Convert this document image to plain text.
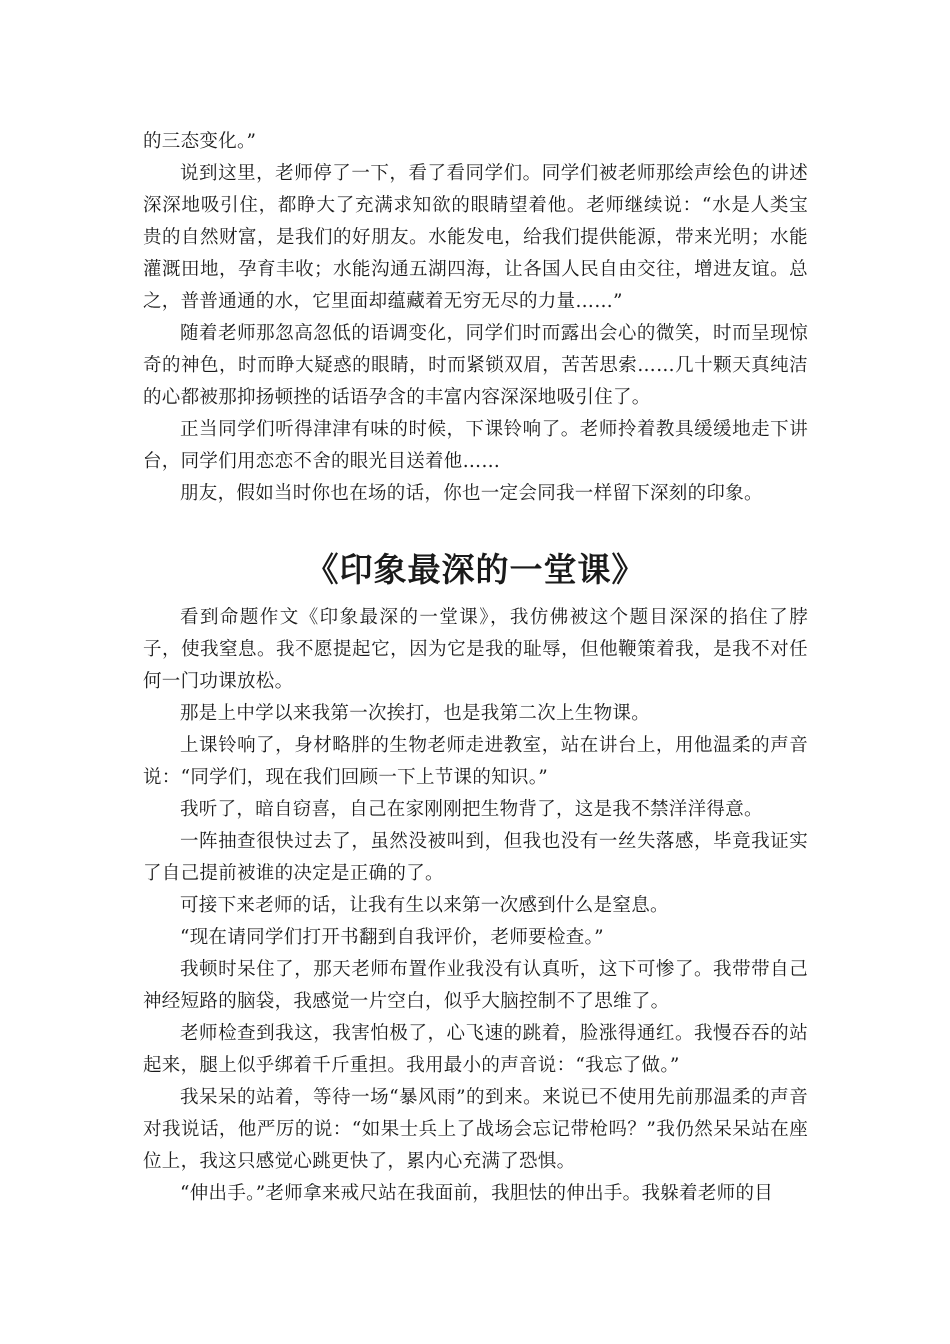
的三态变化。”

说到这里，老师停了一下，看了看同学们。同学们被老师那绘声绘色的讲述深深地吸引住，都睁大了充满求知欲的眼睛望着他。老师继续说：“水是人类宝贵的自然财富，是我们的好朋友。水能发电，给我们提供能源，带来光明；水能灌溉田地，孕育丰收；水能沟通五湖四海，让各国人民自由交往，增进友谊。总之，普普通通的水，它里面却蕴藏着无穷无尽的力量……”

随着老师那忽高忽低的语调变化，同学们时而露出会心的微笑，时而呈现惊奇的神色，时而睁大疑惑的眼睛，时而紧锁双眉，苦苦思索……几十颗天真纯洁的心都被那抑扬顿挫的话语孕含的丰富内容深深地吸引住了。

正当同学们听得津津有味的时候，下课铃响了。老师拎着教具缓缓地走下讲台，同学们用恋恋不舍的眼光目送着他……

朋友，假如当时你也在场的话，你也一定会同我一样留下深刻的印象。

《印象最深的一堂课》

看到命题作文《印象最深的一堂课》，我仿佛被这个题目深深的掐住了脖子，使我窒息。我不愿提起它，因为它是我的耻辱，但他鞭策着我，是我不对任何一门功课放松。

那是上中学以来我第一次挨打，也是我第二次上生物课。

上课铃响了，身材略胖的生物老师走进教室，站在讲台上，用他温柔的声音说：“同学们，现在我们回顾一下上节课的知识。”

我听了，暗自窃喜，自己在家刚刚把生物背了，这是我不禁洋洋得意。

一阵抽查很快过去了，虽然没被叫到，但我也没有一丝失落感，毕竟我证实了自己提前被谁的决定是正确的了。

可接下来老师的话，让我有生以来第一次感到什么是窒息。

“现在请同学们打开书翻到自我评价，老师要检查。”

我顿时呆住了，那天老师布置作业我没有认真听，这下可惨了。我带带自己神经短路的脑袋，我感觉一片空白，似乎大脑控制不了思维了。

老师检查到我这，我害怕极了，心飞速的跳着，脸涨得通红。我慢吞吞的站起来，腿上似乎绑着千斤重担。我用最小的声音说：“我忘了做。”

我呆呆的站着，等待一场“暴风雨”的到来。来说已不使用先前那温柔的声音对我说话，他严厉的说：“如果士兵上了战场会忘记带枪吗？”我仍然呆呆站在座位上，我这只感觉心跳更快了，累内心充满了恐惧。

“伸出手。”老师拿来戒尺站在我面前，我胆怯的伸出手。我躲着老师的目
